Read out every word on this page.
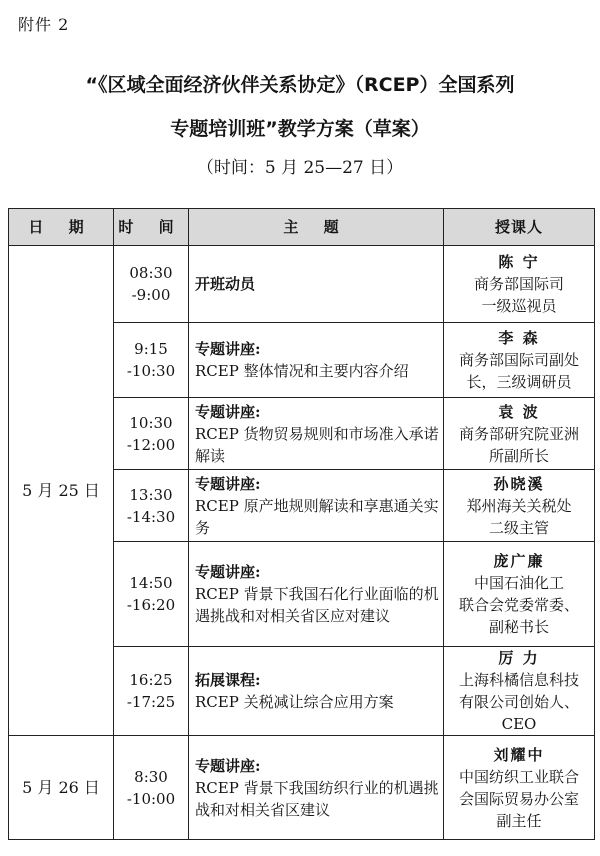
附件 2
“《区域全面经济伙伴关系协定》（RCEP）全国系列
专题培训班”教学方案（草案）
（时间：5 月 25—27 日）
日 期	时 间	主 题	授课人
5 月 25 日	08:30
-9:00	开班动员	陈 宁
商务部国际司
一级巡视员

	9:15
-10:30	专题讲座:
RCEP 整体情况和主要内容介绍	李 森
商务部国际司副处
长，三级调研员

	10:30
-12:00	专题讲座:
RCEP 货物贸易规则和市场准入承诺解读	袁 波
商务部研究院亚洲
所副所长

	13:30
-14:30	专题讲座:
RCEP 原产地规则解读和享惠通关实务	孙晓溪
郑州海关关税处
二级主管

	14:50
-16:20	专题讲座:
RCEP 背景下我国石化行业面临的机遇挑战和对相关省区应对建议	庞广廉
中国石油化工
联合会党委常委、
副秘书长

	16:25
-17:25	拓展课程:
RCEP 关税减让综合应用方案	厉 力
上海科橘信息科技
有限公司创始人、
CEO

5 月 26 日	8:30
-10:00	专题讲座:
RCEP 背景下我国纺织行业的机遇挑战和对相关省区建议	刘耀中
中国纺织工业联合
会国际贸易办公室
副主任
